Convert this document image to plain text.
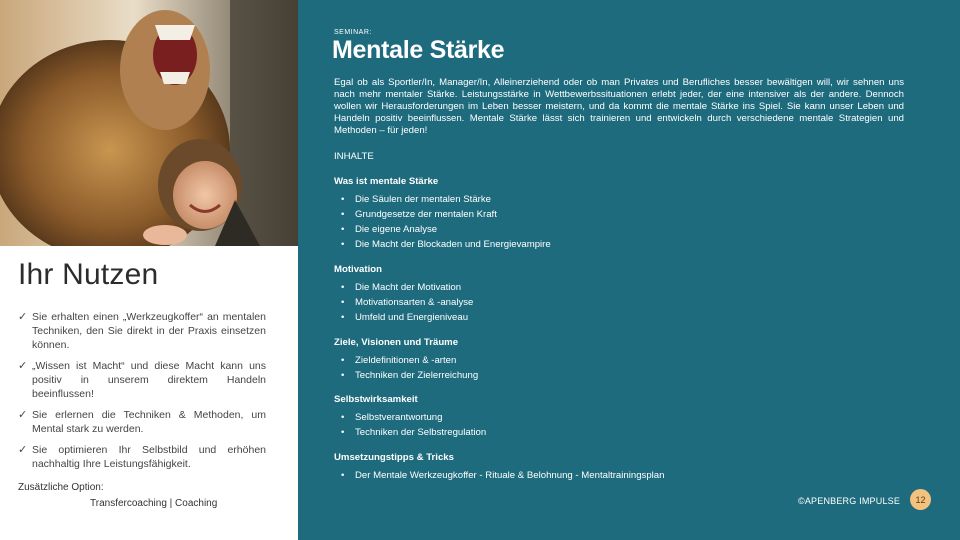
Ihr Nutzen
✓ Sie erhalten einen „Werkzeugkoffer“ an mentalen Techniken, den Sie direkt in der Praxis einsetzen können.
✓ „Wissen ist Macht“ und diese Macht kann uns positiv in unserem direktem Handeln beeinflussen!
✓ Sie erlernen die Techniken & Methoden, um Mental stark zu werden.
✓ Sie optimieren Ihr Selbstbild und erhöhen nachhaltig Ihre Leistungsfähigkeit.
Zusätzliche Option:
Transfercoaching | Coaching
SEMINAR:
Mentale Stärke
Egal ob als Sportler/In, Manager/In, Alleinerziehend oder ob man Privates und Berufliches besser bewältigen will, wir sehnen uns nach mehr mentaler Stärke. Leistungsstärke in Wettbewerbssituationen erlebt jeder, der eine intensiver als der andere. Dennoch wollen wir Herausforderungen im Leben besser meistern, und da kommt die mentale Stärke ins Spiel. Sie kann unser Leben und Handeln positiv beeinflussen. Mentale Stärke lässt sich trainieren und entwickeln durch verschiedene mentale Strategien und Methoden – für jeden!
INHALTE
Was ist mentale Stärke
• Die Säulen der mentalen Stärke
• Grundgesetze der mentalen Kraft
• Die eigene Analyse
• Die Macht der Blockaden und Energievampire
Motivation
• Die Macht der Motivation
• Motivationsarten & -analyse
• Umfeld und Energieniveau
Ziele, Visionen und Träume
• Zieldefinitionen & -arten
• Techniken der Zielerreichung
Selbstwirksamkeit
• Selbstverantwortung
• Techniken der Selbstregulation
Umsetzungstipps & Tricks
• Der Mentale Werkzeugkoffer - Rituale & Belohnung - Mentaltrainingsplan
©APENBERG IMPULSE	12
